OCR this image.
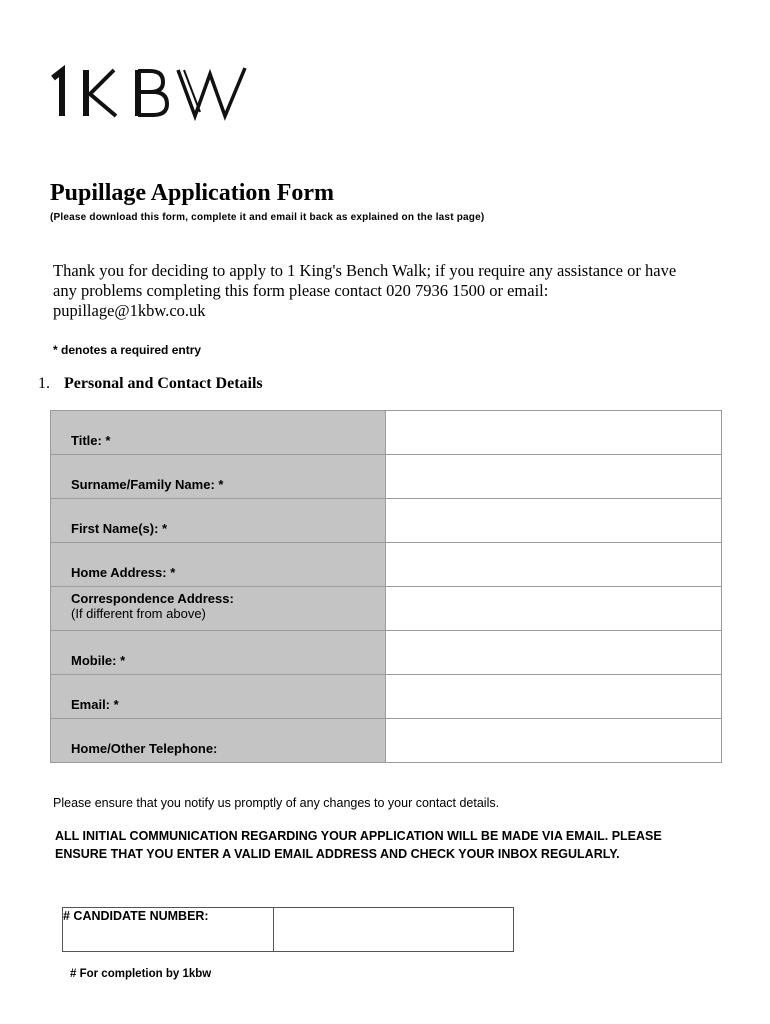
Pupillage Application Form
(Please download this form, complete it and email it back as explained on the last page)
Thank you for deciding to apply to 1 King's Bench Walk; if you require any assistance or have any problems completing this form please contact 020 7936 1500 or email: pupillage@1kbw.co.uk
* denotes a required entry
1. Personal and Contact Details
Title: *	
Surname/Family Name: *	
First Name(s): *	
Home Address: *	
Correspondence Address:
(If different from above)	

Mobile: *	
Email: *	
Home/Other Telephone:	
Please ensure that you notify us promptly of any changes to your contact details.
ALL INITIAL COMMUNICATION REGARDING YOUR APPLICATION WILL BE MADE VIA EMAIL. PLEASE ENSURE THAT YOU ENTER A VALID EMAIL ADDRESS AND CHECK YOUR INBOX REGULARLY.
# CANDIDATE NUMBER:	
# For completion by 1kbw
